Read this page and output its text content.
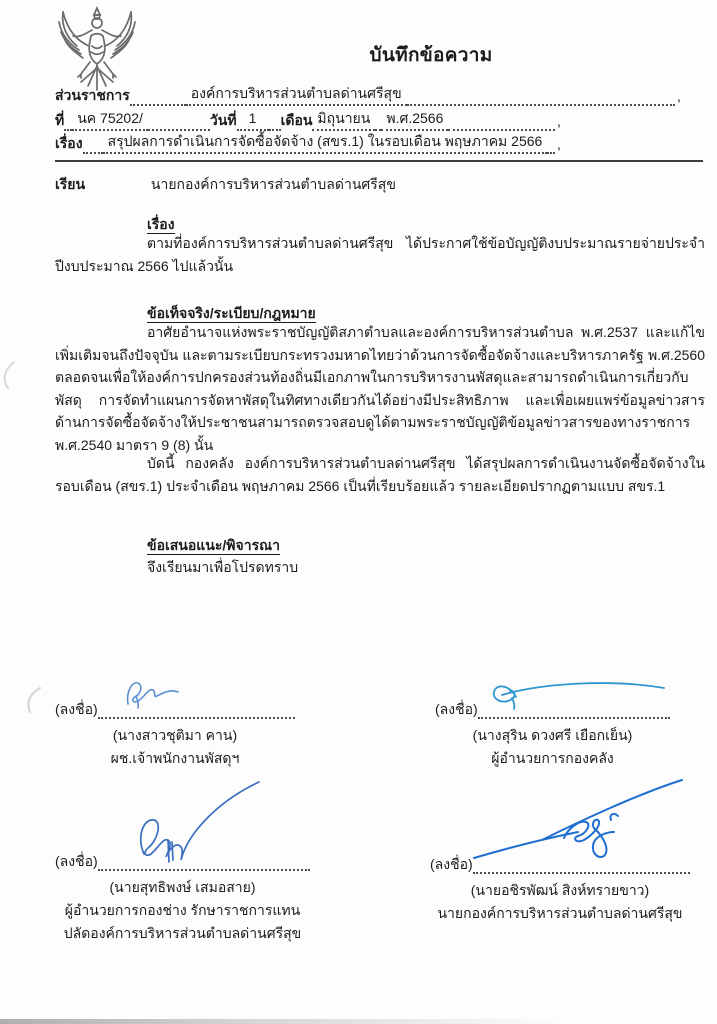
บันทึกข้อความ
ส่วนราชการ	องค์การบริหารส่วนตำบลด่านศรีสุข	,
ที่ นค 75202/	วันที่ 1	เดือน มิถุนายน	พ.ศ.2566	,
เรื่อง	สรุปผลการดำเนินการจัดซื้อจัดจ้าง (สขร.1) ในรอบเดือน พฤษภาคม 2566	,
เรียน	นายกองค์การบริหารส่วนตำบลด่านศรีสุข
เรื่อง
ตามที่องค์การบริหารส่วนตำบลด่านศรีสุข ได้ประกาศใช้ข้อบัญญัติงบประมาณรายจ่ายประจำปีงบประมาณ 2566 ไปแล้วนั้น
ข้อเท็จจริง/ระเบียบ/กฎหมาย
อาศัยอำนาจแห่งพระราชบัญญัติสภาตำบลและองค์การบริหารส่วนตำบล พ.ศ.2537 และแก้ไขเพิ่มเติมจนถึงปัจจุบัน และตามระเบียบกระทรวงมหาดไทยว่าด้วนการจัดซื้อจัดจ้างและบริหารภาครัฐ พ.ศ.2560 ตลอดจนเพื่อให้องค์การปกครองส่วนท้องถิ่นมีเอกภาพในการบริหารงานพัสดุและสามารถดำเนินการเกี่ยวกับพัสดุ การจัดทำแผนการจัดหาพัสดุในทิศทางเดียวกันได้อย่างมีประสิทธิภาพ และเพื่อเผยแพร่ข้อมูลข่าวสารด้านการจัดซื้อจัดจ้างให้ประชาชนสามารถตรวจสอบดูได้ตามพระราชบัญญัติข้อมูลข่าวสารของทางราชการ พ.ศ.2540 มาตรา 9 (8) นั้น
บัดนี้ กองคลัง องค์การบริหารส่วนตำบลด่านศรีสุข ได้สรุปผลการดำเนินงานจัดซื้อจัดจ้างในรอบเดือน (สขร.1) ประจำเดือน พฤษภาคม 2566 เป็นที่เรียบร้อยแล้ว รายละเอียดปรากฏตามแบบ สขร.1
ข้อเสนอแนะ/พิจารณา
จึงเรียนมาเพื่อโปรดทราบ
(ลงชื่อ)
(นางสาวชุติมา คาน)
ผช.เจ้าพนักงานพัสดุฯ
(ลงชื่อ)
(นางสุริน ดวงศรี เยือกเย็น)
ผู้อำนวยการกองคลัง
(ลงชื่อ)
(นายสุทธิพงษ์ เสมอสาย)
ผู้อำนวยการกองช่าง รักษาราชการแทน
ปลัดองค์การบริหารส่วนตำบลด่านศรีสุข
(ลงชื่อ)
(นายอชิรพัฒน์ สิงห์ทรายขาว)
นายกองค์การบริหารส่วนตำบลด่านศรีสุข
